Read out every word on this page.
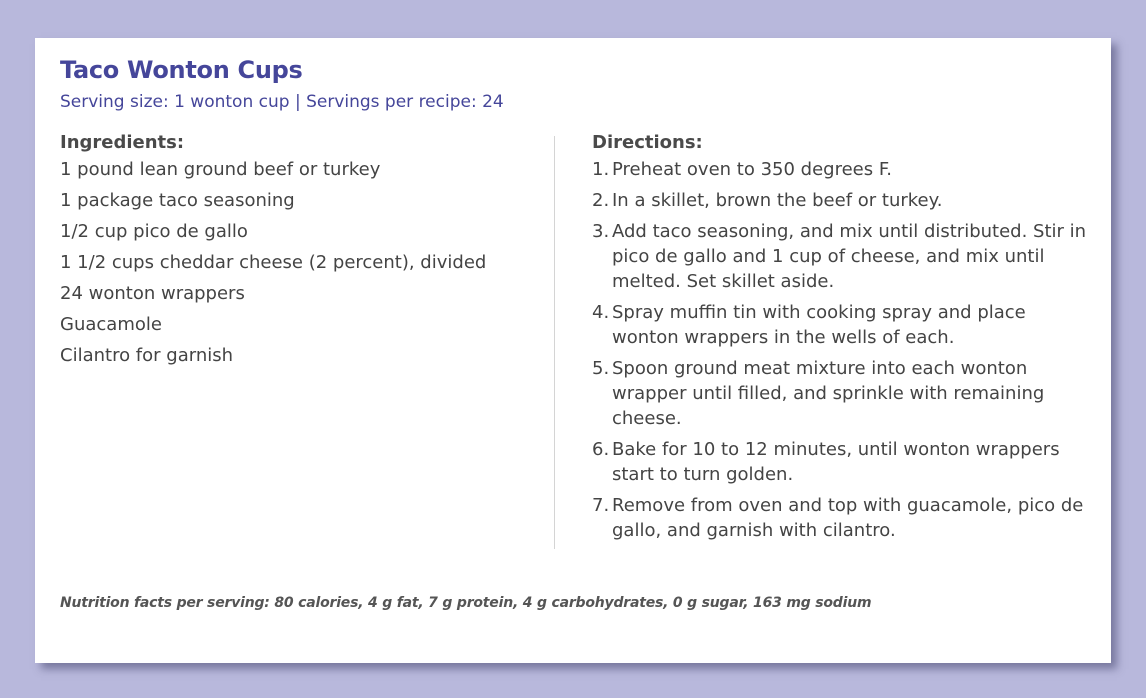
Taco Wonton Cups

Serving size: 1 wonton cup | Servings per recipe: 24

Ingredients:
1 pound lean ground beef or turkey
1 package taco seasoning
1/2 cup pico de gallo
1 1/2 cups cheddar cheese (2 percent), divided
24 wonton wrappers
Guacamole
Cilantro for garnish
Directions:
1. Preheat oven to 350 degrees F.
2. In a skillet, brown the beef or turkey.
3. Add taco seasoning, and mix until distributed. Stir in pico de gallo and 1 cup of cheese, and mix until melted. Set skillet aside.
4. Spray muffin tin with cooking spray and place wonton wrappers in the wells of each.
5. Spoon ground meat mixture into each wonton wrapper until filled, and sprinkle with remaining cheese.
6. Bake for 10 to 12 minutes, until wonton wrappers start to turn golden.
7. Remove from oven and top with guacamole, pico de gallo, and garnish with cilantro.

Nutrition facts per serving: 80 calories, 4 g fat, 7 g protein, 4 g carbohydrates, 0 g sugar, 163 mg sodium
